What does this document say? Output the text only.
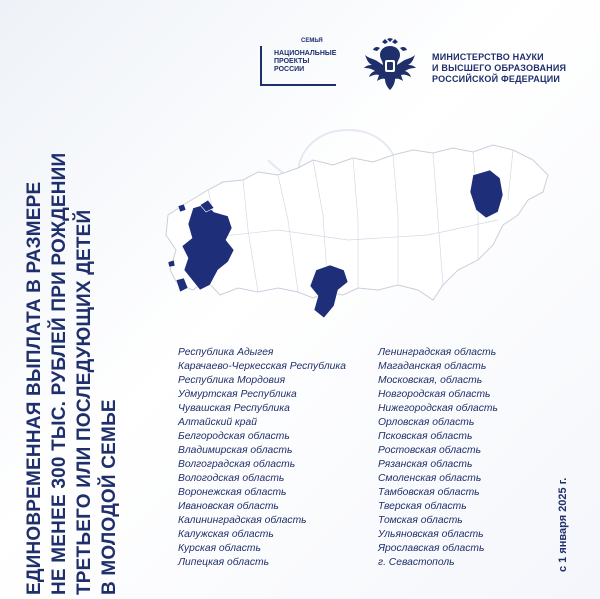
ЕДИНОВРЕМЕННАЯ ВЫПЛАТА В РАЗМЕРЕ НЕ МЕНЕЕ 300 ТЫС. РУБЛЕЙ ПРИ РОЖДЕНИИ ТРЕТЬЕГО ИЛИ ПОСЛЕДУЮЩИХ ДЕТЕЙ В МОЛОДОЙ СЕМЬЕ	с 1 января 2025 г.
СЕМЬЯ
НАЦИОНАЛЬНЫЕ
ПРОЕКТЫ
РОССИИ
МИНИСТЕРСТВО НАУКИ
И ВЫСШЕГО ОБРАЗОВАНИЯ
РОССИЙСКОЙ ФЕДЕРАЦИИ
Республика Адыгея
Карачаево-Черкесская Республика
Республика Мордовия
Удмуртская Республика
Чувашская Республика
Алтайский край
Белгородская область
Владимирская область
Волгоградская область
Вологодская область
Воронежская область
Ивановская область
Калининградская область
Калужская область
Курская область
Липецкая область
Ленинградская область
Магаданская область
Московская, область
Новгородская область
Нижегородская область
Орловская область
Псковская область
Ростовская область
Рязанская область
Смоленская область
Тамбовская область
Тверская область
Томская область
Ульяновская область
Ярославская область
г. Севастополь
